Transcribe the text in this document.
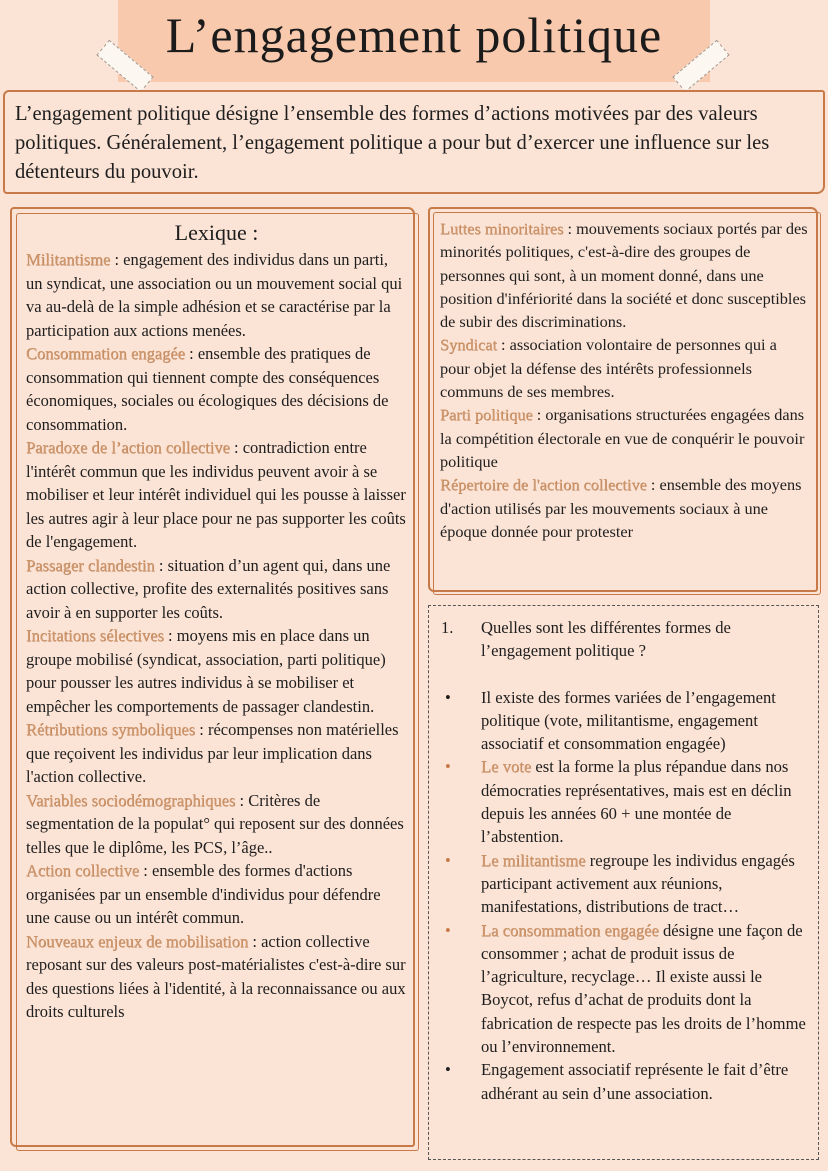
L’engagement politique

L’engagement politique désigne l’ensemble des formes d’actions motivées par des valeurs politiques. Généralement, l’engagement politique a pour but d’exercer une influence sur les détenteurs du pouvoir.

Lexique :

Militantisme : engagement des individus dans un parti, un syndicat, une association ou un mouvement social qui va au-delà de la simple adhésion et se caractérise par la participation aux actions menées.

Consommation engagée : ensemble des pratiques de consommation qui tiennent compte des conséquences économiques, sociales ou écologiques des décisions de consommation.

Paradoxe de l’action collective : contradiction entre l'intérêt commun que les individus peuvent avoir à se mobiliser et leur intérêt individuel qui les pousse à laisser les autres agir à leur place pour ne pas supporter les coûts de l'engagement.

Passager clandestin : situation d’un agent qui, dans une action collective, profite des externalités positives sans avoir à en supporter les coûts.

Incitations sélectives : moyens mis en place dans un groupe mobilisé (syndicat, association, parti politique) pour pousser les autres individus à se mobiliser et empêcher les comportements de passager clandestin.

Rétributions symboliques : récompenses non matérielles que reçoivent les individus par leur implication dans l'action collective.

Variables sociodémographiques : Critères de segmentation de la populat° qui reposent sur des données telles que le diplôme, les PCS, l’âge..

Action collective : ensemble des formes d'actions organisées par un ensemble d'individus pour défendre une cause ou un intérêt commun.

Nouveaux enjeux de mobilisation : action collective reposant sur des valeurs post-matérialistes c'est-à-dire sur des questions liées à l'identité, à la reconnaissance ou aux droits culturels

Luttes minoritaires : mouvements sociaux portés par des minorités politiques, c'est-à-dire des groupes de personnes qui sont, à un moment donné, dans une position d'infériorité dans la société et donc susceptibles de subir des discriminations.

Syndicat : association volontaire de personnes qui a pour objet la défense des intérêts professionnels communs de ses membres.

Parti politique : organisations structurées engagées dans la compétition électorale en vue de conquérir le pouvoir politique

Répertoire de l'action collective : ensemble des moyens d'action utilisés par les mouvements sociaux à une époque donnée pour protester

1.	Quelles sont les différentes formes de l’engagement politique ?
•	Il existe des formes variées de l’engagement politique (vote, militantisme, engagement associatif et consommation engagée)
•	Le vote est la forme la plus répandue dans nos démocraties représentatives, mais est en déclin depuis les années 60 + une montée de l’abstention.
•	Le militantisme regroupe les individus engagés participant activement aux réunions, manifestations, distributions de tract…
•	La consommation engagée désigne une façon de consommer ; achat de produit issus de l’agriculture, recyclage… Il existe aussi le Boycot, refus d’achat de produits dont la fabrication de respecte pas les droits de l’homme ou l’environnement.
•	Engagement associatif représente le fait d’être adhérant au sein d’une association.
